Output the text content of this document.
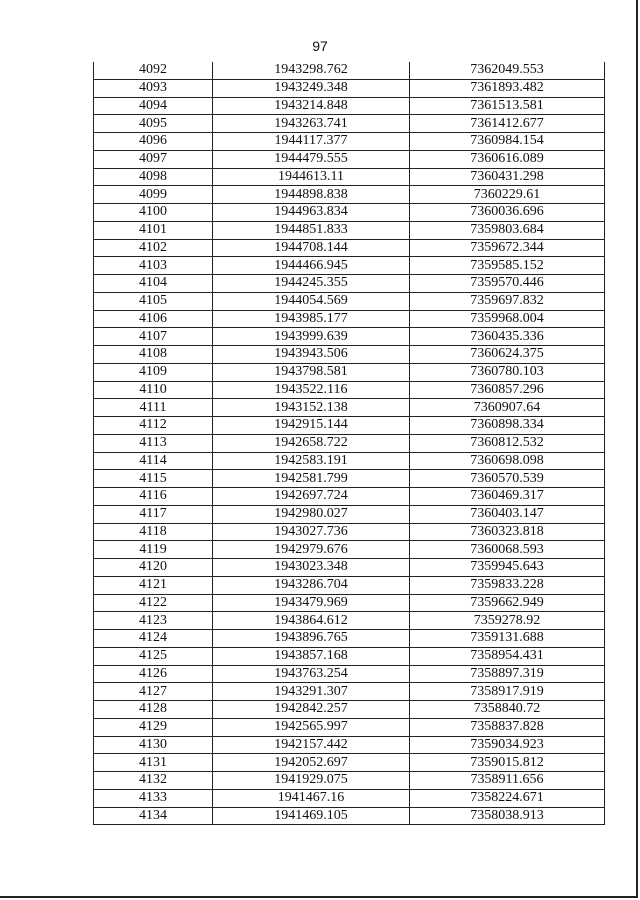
97
4092	1943298.762	7362049.553
4093	1943249.348	7361893.482
4094	1943214.848	7361513.581
4095	1943263.741	7361412.677
4096	1944117.377	7360984.154
4097	1944479.555	7360616.089
4098	1944613.11	7360431.298
4099	1944898.838	7360229.61
4100	1944963.834	7360036.696
4101	1944851.833	7359803.684
4102	1944708.144	7359672.344
4103	1944466.945	7359585.152
4104	1944245.355	7359570.446
4105	1944054.569	7359697.832
4106	1943985.177	7359968.004
4107	1943999.639	7360435.336
4108	1943943.506	7360624.375
4109	1943798.581	7360780.103
4110	1943522.116	7360857.296
4111	1943152.138	7360907.64
4112	1942915.144	7360898.334
4113	1942658.722	7360812.532
4114	1942583.191	7360698.098
4115	1942581.799	7360570.539
4116	1942697.724	7360469.317
4117	1942980.027	7360403.147
4118	1943027.736	7360323.818
4119	1942979.676	7360068.593
4120	1943023.348	7359945.643
4121	1943286.704	7359833.228
4122	1943479.969	7359662.949
4123	1943864.612	7359278.92
4124	1943896.765	7359131.688
4125	1943857.168	7358954.431
4126	1943763.254	7358897.319
4127	1943291.307	7358917.919
4128	1942842.257	7358840.72
4129	1942565.997	7358837.828
4130	1942157.442	7359034.923
4131	1942052.697	7359015.812
4132	1941929.075	7358911.656
4133	1941467.16	7358224.671
4134	1941469.105	7358038.913
